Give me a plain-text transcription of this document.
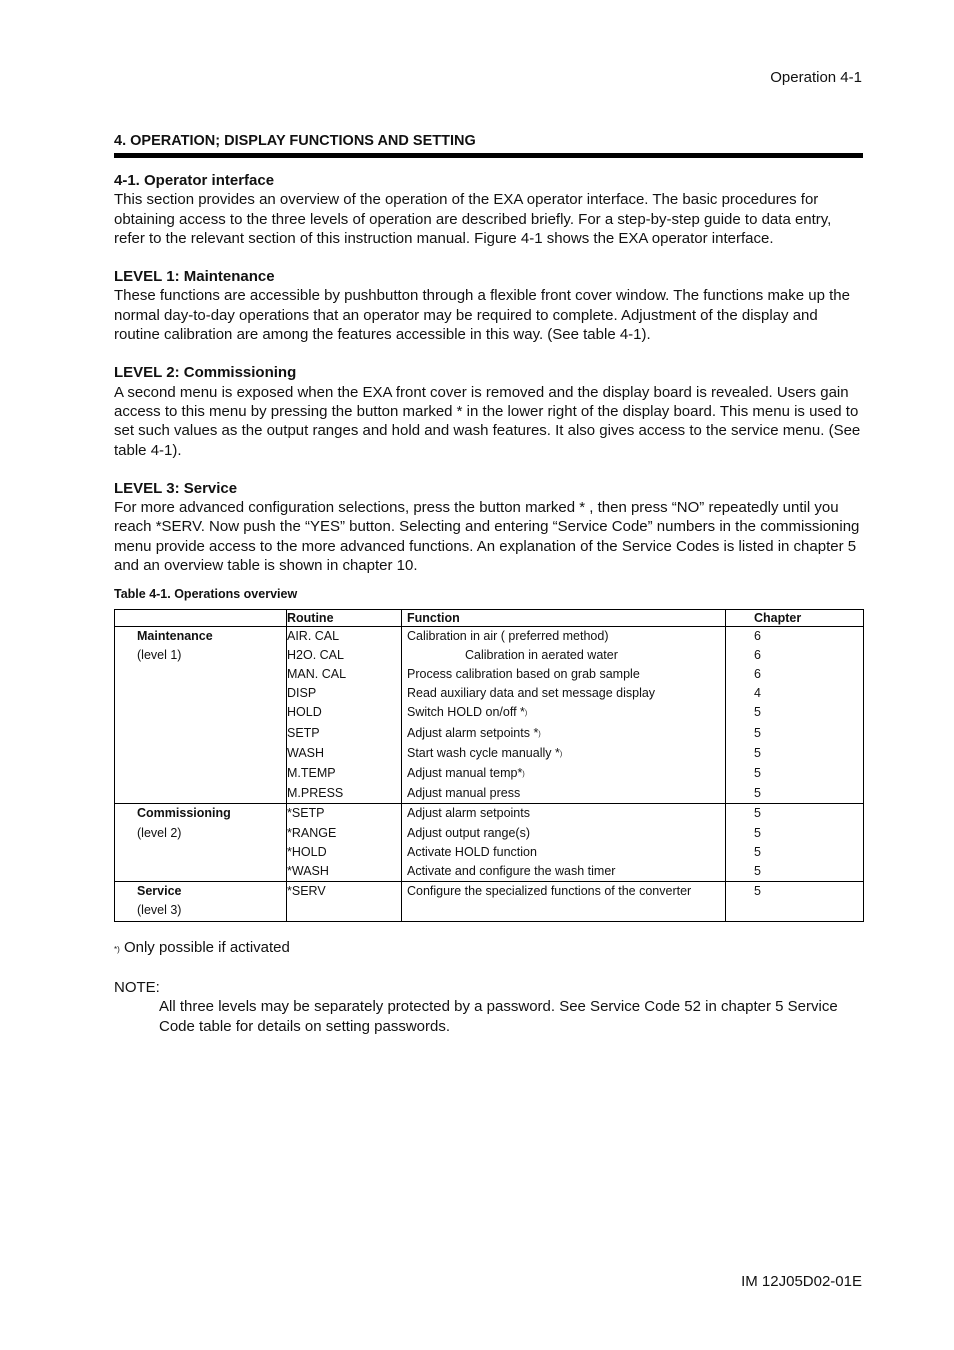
Operation 4-1
4. OPERATION; DISPLAY FUNCTIONS AND SETTING
4-1. Operator interface

This section provides an overview of the operation of the EXA operator interface. The basic procedures for obtaining access to the three levels of operation are described briefly. For a step-by-step guide to data entry, refer to the relevant section of this instruction manual. Figure 4-1 shows the EXA operator interface.

LEVEL 1: Maintenance

These functions are accessible by pushbutton through a flexible front cover window. The functions make up the normal day-to-day operations that an operator may be required to complete. Adjustment of the display and routine calibration are among the features accessible in this way. (See table 4-1).

LEVEL 2: Commissioning

A second menu is exposed when the EXA front cover is removed and the display board is revealed. Users gain access to this menu by pressing the button marked * in the lower right of the display board. This menu is used to set such values as the output ranges and hold and wash features. It also gives access to the service menu. (See table 4-1).

LEVEL 3: Service

For more advanced configuration selections, press the button marked * , then press “NO” repeatedly until you reach *SERV. Now push the “YES” button. Selecting and entering “Service Code” numbers in the commissioning menu provide access to the more advanced functions. An explanation of the Service Codes is listed in chapter 5 and an overview table is shown in chapter 10.

Table 4-1. Operations overview
	Routine	Function	Chapter
Maintenance	AIR. CAL	Calibration in air ( preferred method)	6
(level 1)	H2O. CAL	Calibration in aerated water	6
	MAN. CAL	Process calibration based on grab sample	6
	DISP	Read auxiliary data and set message display	4
	HOLD	Switch HOLD on/off *)	5
	SETP	Adjust alarm setpoints *)	5
	WASH	Start wash cycle manually *)	5
	M.TEMP	Adjust manual temp*)	5
	M.PRESS	Adjust manual press	5
Commissioning	*SETP	Adjust alarm setpoints	5
(level 2)	*RANGE	Adjust output range(s)	5
	*HOLD	Activate HOLD function	5
	*WASH	Activate and configure the wash timer	5
Service	*SERV	Configure the specialized functions of the converter	5
(level 3)			
*) Only possible if activated

NOTE:

All three levels may be separately protected by a password. See Service Code 52 in chapter 5 Service Code table for details on setting passwords.

IM 12J05D02-01E
